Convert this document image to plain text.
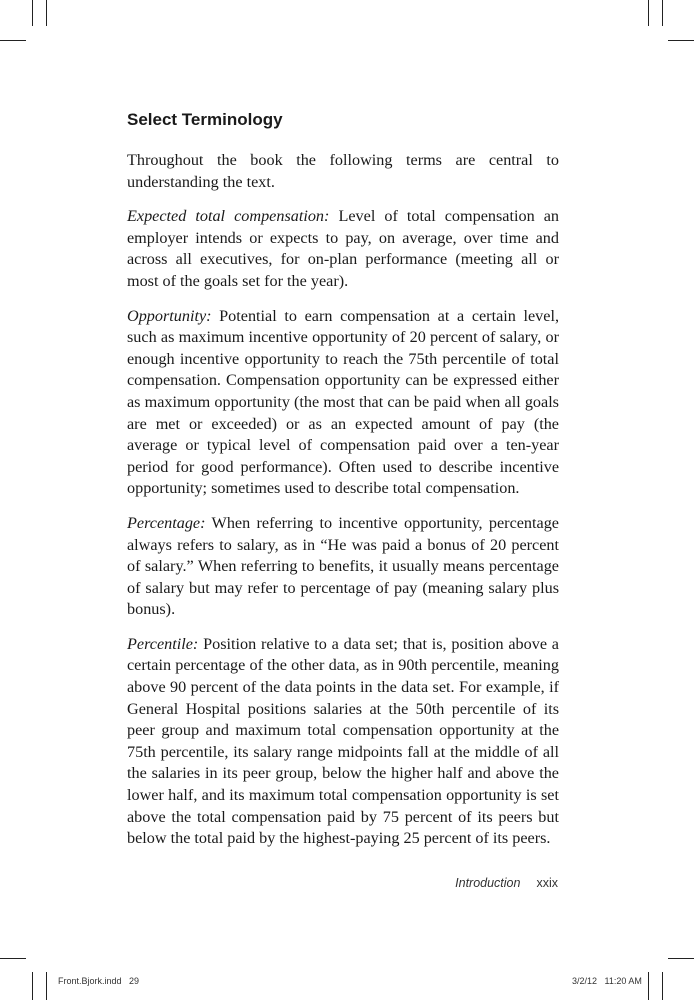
Select Terminology

Throughout the book the following terms are central to understanding the text.

Expected total compensation: Level of total compensation an employer intends or expects to pay, on average, over time and across all executives, for on-plan performance (meeting all or most of the goals set for the year).

Opportunity: Potential to earn compensation at a certain level, such as maximum incentive opportunity of 20 percent of salary, or enough incentive opportunity to reach the 75th percentile of total compensation. Compensation opportunity can be expressed either as maximum opportunity (the most that can be paid when all goals are met or exceeded) or as an expected amount of pay (the average or typical level of compensation paid over a ten-year period for good performance). Often used to describe incentive opportunity; sometimes used to describe total compensation.

Percentage: When referring to incentive opportunity, percentage always refers to salary, as in “He was paid a bonus of 20 percent of salary.” When referring to benefits, it usually means percentage of salary but may refer to percentage of pay (meaning salary plus bonus).

Percentile: Position relative to a data set; that is, position above a certain percentage of the other data, as in 90th percentile, meaning above 90 percent of the data points in the data set. For example, if General Hospital positions salaries at the 50th percentile of its peer group and maximum total compensation opportunity at the 75th percentile, its salary range midpoints fall at the middle of all the salaries in its peer group, below the higher half and above the lower half, and its maximum total compensation opportunity is set above the total compensation paid by 75 percent of its peers but below the total paid by the highest-paying 25 percent of its peers.

Introduction xxix
Front.Bjork.indd   29	3/2/12   11:20 AM
